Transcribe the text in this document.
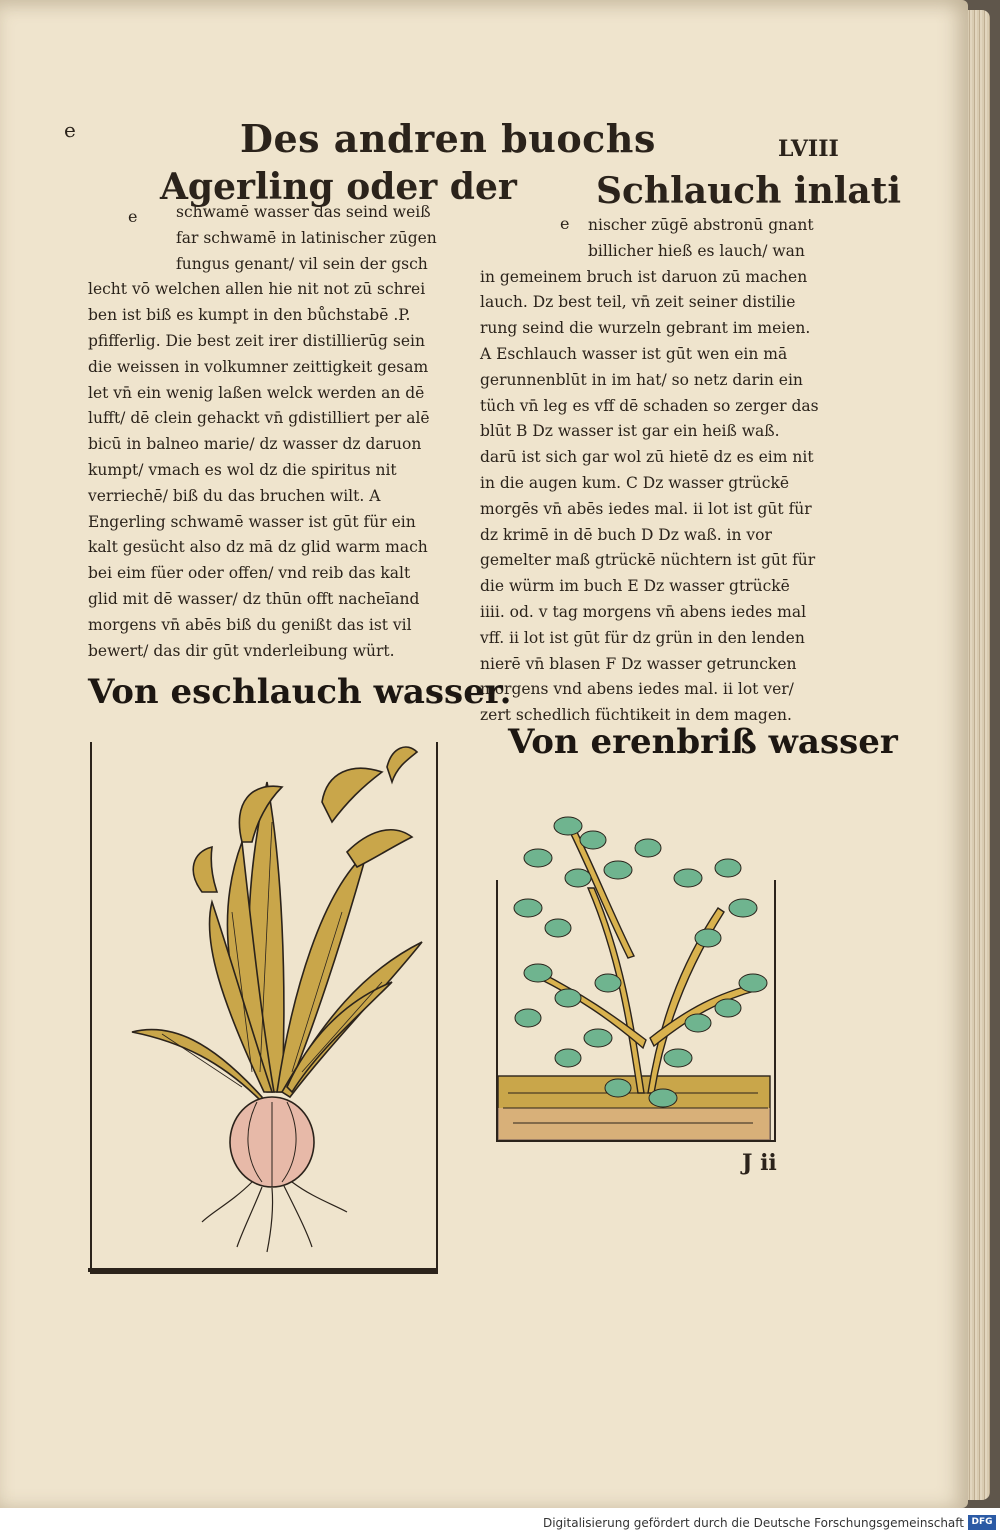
e	Des andren buochs	LVIII
Agerling oder der
e	schwamē wasser das seind weiß
far schwamē in latinischer zūgen
fungus genant/ vil sein der gsch
lecht vō welchen allen hie nit not zū schrei
ben ist biß es kumpt in den bůchstabē .P.
pfifferlig. Die best zeit irer distillierūg sein
die weissen in volkumner zeittigkeit gesam
let vn̄ ein wenig laßen welck werden an dē
lufft/ dē clein gehackt vn̄ gdistilliert per alē
bicū in balneo marie/ dz wasser dz daruon
kumpt/ vmach es wol dz die spiritus nit
verriechē/ biß du das bruchen wilt. A
Engerling schwamē wasser ist gūt für ein
kalt gesücht also dz mā dz glid warm mach
bei eim füer oder offen/ vnd reib das kalt
glid mit dē wasser/ dz thūn offt nacheīand
morgens vn̄ abēs biß du genißt das ist vil
bewert/ das dir gūt vnderleibung würt.
Schlauch inlati
e	nischer zūgē abstronū gnant
billicher hieß es lauch/ wan
in gemeinem bruch ist daruon zū machen
lauch. Dz best teil, vn̄ zeit seiner distilie
rung seind die wurzeln gebrant im meien.
A Eschlauch wasser ist gūt wen ein mā
gerunnenblūt in im hat/ so netz darin ein
tüch vn̄ leg es vff dē schaden so zerger das
blūt B Dz wasser ist gar ein heiß waß.
darū ist sich gar wol zū hietē dz es eim nit
in die augen kum. C Dz wasser gtrückē
morgēs vn̄ abēs iedes mal. ii lot ist gūt für
dz krimē in dē buch D Dz waß. in vor
gemelter maß gtrückē nüchtern ist gūt für
die würm im buch E Dz wasser gtrückē
iiii. od. v tag morgens vn̄ abens iedes mal
vff. ii lot ist gūt für dz grün in den lenden
nierē vn̄ blasen F Dz wasser getruncken
morgens vnd abens iedes mal. ii lot ver/
zert schedlich füchtikeit in dem magen.
Von eschlauch wasser.
Von erenbriß wasser
J ii
Digitalisierung gefördert durch die Deutsche Forschungsgemeinschaft DFG
